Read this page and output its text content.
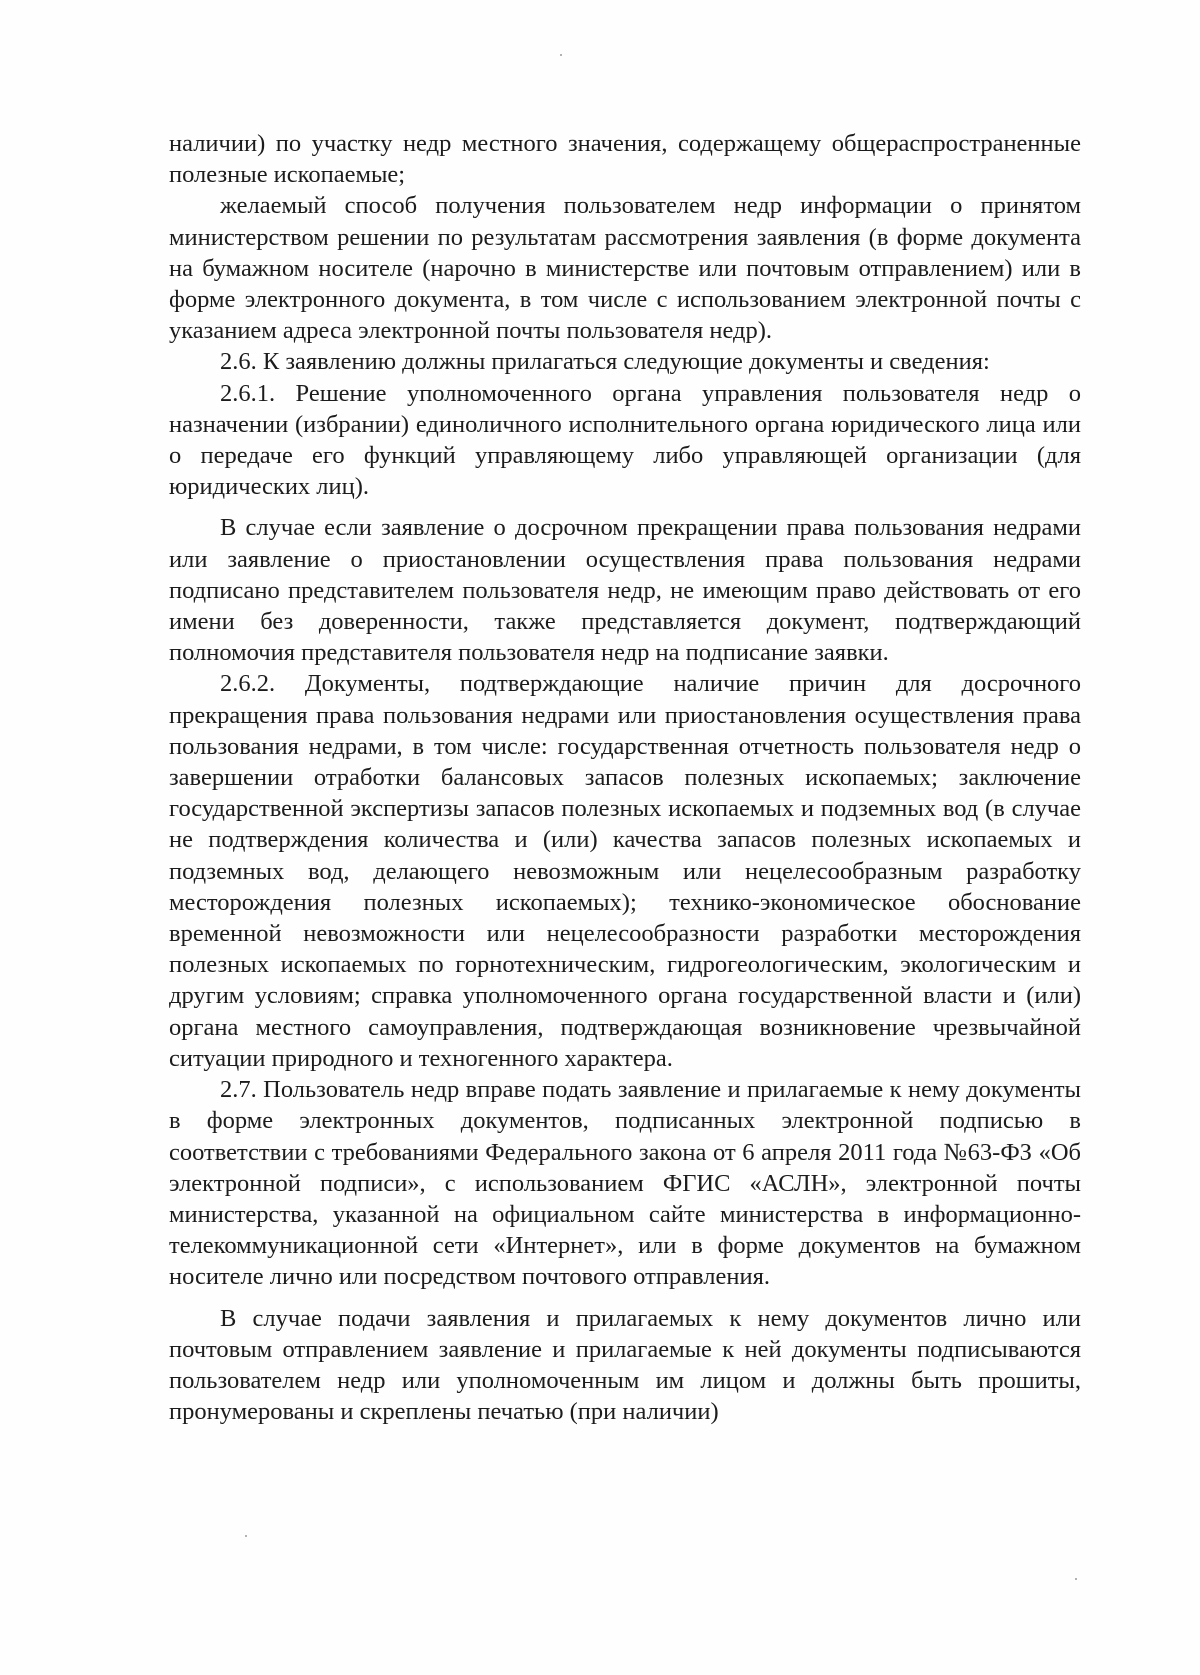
наличии) по участку недр местного значения, содержащему общераспространенные полезные ископаемые;

желаемый способ получения пользователем недр информации о принятом министерством решении по результатам рассмотрения заявления (в форме документа на бумажном носителе (нарочно в министерстве или почтовым отправлением) или в форме электронного документа, в том числе с использованием электронной почты с указанием адреса электронной почты пользователя недр).

2.6. К заявлению должны прилагаться следующие документы и сведения:

2.6.1. Решение уполномоченного органа управления пользователя недр о назначении (избрании) единоличного исполнительного органа юридического лица или о передаче его функций управляющему либо управляющей организации (для юридических лиц).

В случае если заявление о досрочном прекращении права пользования недрами или заявление о приостановлении осуществления права пользования недрами подписано представителем пользователя недр, не имеющим право действовать от его имени без доверенности, также представляется документ, подтверждающий полномочия представителя пользователя недр на подписание заявки.

2.6.2. Документы, подтверждающие наличие причин для досрочного прекращения права пользования недрами или приостановления осуществления права пользования недрами, в том числе: государственная отчетность пользователя недр о завершении отработки балансовых запасов полезных ископаемых; заключение государственной экспертизы запасов полезных ископаемых и подземных вод (в случае не подтверждения количества и (или) качества запасов полезных ископаемых и подземных вод, делающего невозможным или нецелесообразным разработку месторождения полезных ископаемых); технико-экономическое обоснование временной невозможности или нецелесообразности разработки месторождения полезных ископаемых по горнотехническим, гидрогеологическим, экологическим и другим условиям; справка уполномоченного органа государственной власти и (или) органа местного самоуправления, подтверждающая возникновение чрезвычайной ситуации природного и техногенного характера.

2.7. Пользователь недр вправе подать заявление и прилагаемые к нему документы в форме электронных документов, подписанных электронной подписью в соответствии с требованиями Федерального закона от 6 апреля 2011 года №63-ФЗ «Об электронной подписи», с использованием ФГИС «АСЛН», электронной почты министерства, указанной на официальном сайте министерства в информационно-телекоммуникационной сети «Интернет», или в форме документов на бумажном носителе лично или посредством почтового отправления.

В случае подачи заявления и прилагаемых к нему документов лично или почтовым отправлением заявление и прилагаемые к ней документы подписываются пользователем недр или уполномоченным им лицом и должны быть прошиты, пронумерованы и скреплены печатью (при наличии)
